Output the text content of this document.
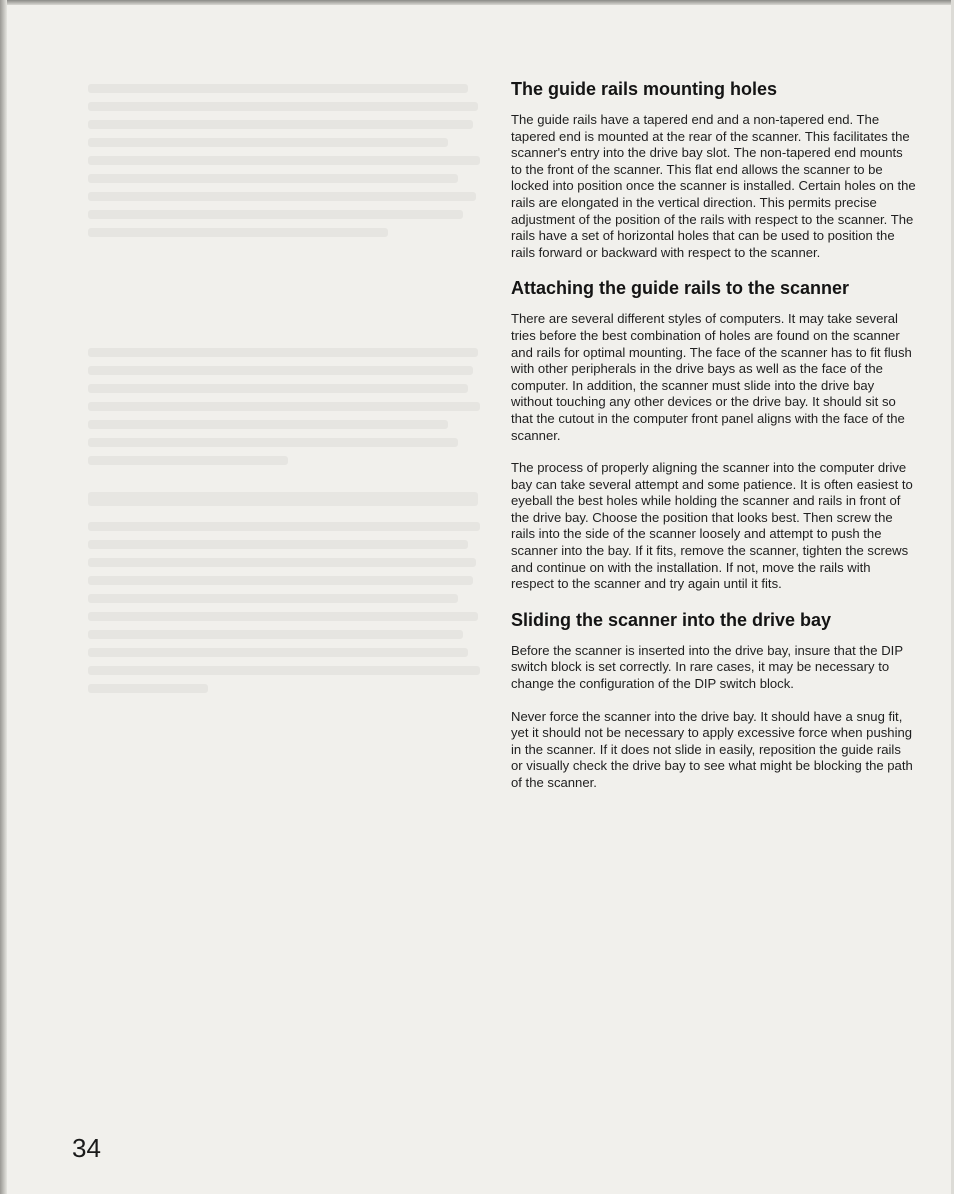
The guide rails mounting holes

The guide rails have a tapered end and a non-tapered end. The tapered end is mounted at the rear of the scanner. This facilitates the scanner's entry into the drive bay slot. The non-tapered end mounts to the front of the scanner. This flat end allows the scanner to be locked into position once the scanner is installed. Certain holes on the rails are elongated in the vertical direction. This permits precise adjustment of the position of the rails with respect to the scanner. The rails have a set of horizontal holes that can be used to position the rails forward or backward with respect to the scanner.

Attaching the guide rails to the scanner

There are several different styles of computers. It may take several tries before the best combination of holes are found on the scanner and rails for optimal mounting. The face of the scanner has to fit flush with other peripherals in the drive bays as well as the face of the computer. In addition, the scanner must slide into the drive bay without touching any other devices or the drive bay. It should sit so that the cutout in the computer front panel aligns with the face of the scanner.

The process of properly aligning the scanner into the computer drive bay can take several attempt and some patience. It is often easiest to eyeball the best holes while holding the scanner and rails in front of the drive bay. Choose the position that looks best. Then screw the rails into the side of the scanner loosely and attempt to push the scanner into the bay. If it fits, remove the scanner, tighten the screws and continue on with the installation. If not, move the rails with respect to the scanner and try again until it fits.

Sliding the scanner into the drive bay

Before the scanner is inserted into the drive bay, insure that the DIP switch block is set correctly. In rare cases, it may be necessary to change the configuration of the DIP switch block.

Never force the scanner into the drive bay. It should have a snug fit, yet it should not be necessary to apply excessive force when pushing in the scanner. If it does not slide in easily, reposition the guide rails or visually check the drive bay to see what might be blocking the path of the scanner.

34
